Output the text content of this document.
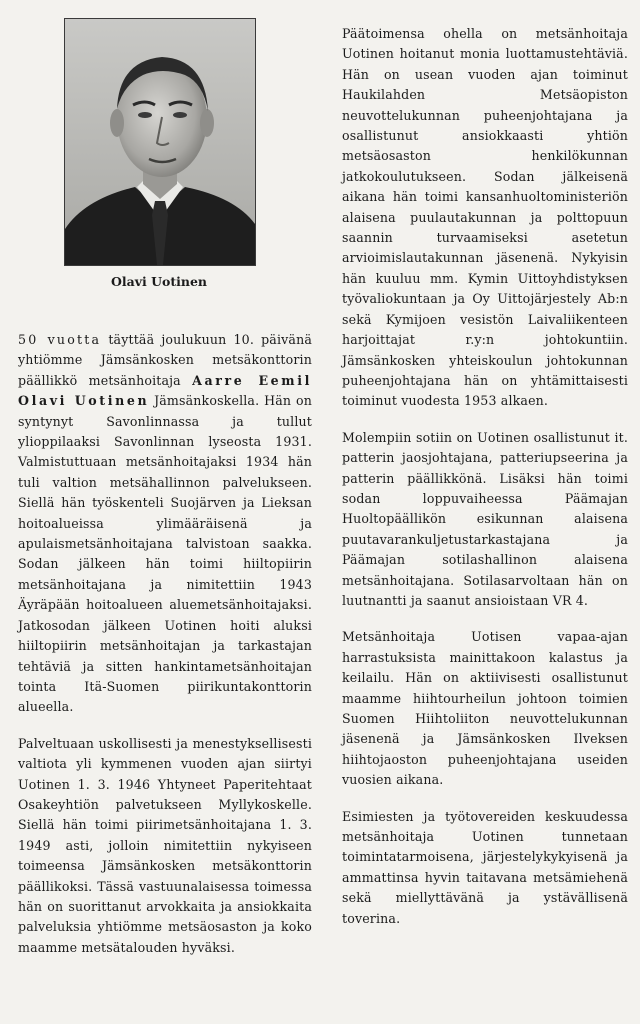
Olavi Uotinen

50 vuotta täyttää joulukuun 10. päivänä yhtiömme Jämsänkosken metsäkonttorin päällikkö metsänhoitaja Aarre Eemil Olavi Uotinen Jämsänkoskella. Hän on syntynyt Savonlinnassa ja tullut ylioppilaaksi Savonlinnan lyseosta 1931. Valmistuttuaan metsänhoitajaksi 1934 hän tuli valtion metsähallinnon palvelukseen. Siellä hän työskenteli Suojärven ja Lieksan hoitoalueissa ylimääräisenä ja apulaismetsänhoitajana talvistoan saakka. Sodan jälkeen hän toimi hiiltopiirin metsänhoitajana ja nimitettiin 1943 Äyräpään hoitoalueen aluemetsänhoitajaksi. Jatkosodan jälkeen Uotinen hoiti aluksi hiiltopiirin metsänhoitajan ja tarkastajan tehtäviä ja sitten hankintametsänhoitajan tointa Itä-Suomen piirikuntakonttorin alueella.

Palveltuaan uskollisesti ja menestyksellisesti valtiota yli kymmenen vuoden ajan siirtyi Uotinen 1. 3. 1946 Yhtyneet Paperitehtaat Osakeyhtiön palvetukseen Myllykoskelle. Siellä hän toimi piirimetsänhoitajana 1. 3. 1949 asti, jolloin nimitettiin nykyiseen toimeensa Jämsänkosken metsäkonttorin päällikoksi. Tässä vastuunalaisessa toimessa hän on suorittanut arvokkaita ja ansiokkaita palveluksia yhtiömme metsäosaston ja koko maamme metsätalouden hyväksi.

Päätoimensa ohella on metsänhoitaja Uotinen hoitanut monia luottamustehtäviä. Hän on usean vuoden ajan toiminut Haukilahden Metsäopiston neuvottelukunnan puheenjohtajana ja osallistunut ansiokkaasti yhtiön metsäosaston henkilökunnan jatkokoulutukseen. Sodan jälkeisenä aikana hän toimi kansanhuoltoministeriön alaisena puulautakunnan ja polttopuun saannin turvaamiseksi asetetun arvioimislautakunnan jäsenenä. Nykyisin hän kuuluu mm. Kymin Uittoyhdistyksen työvaliokuntaan ja Oy Uittojärjestely Ab:n sekä Kymijoen vesistön Laivaliikenteen harjoittajat r.y:n johtokuntiin. Jämsänkosken yhteiskoulun johtokunnan puheenjohtajana hän on yhtämittaisesti toiminut vuodesta 1953 alkaen.

Molempiin sotiin on Uotinen osallistunut it. patterin jaosjohtajana, patteriupseerina ja patterin päällikkönä. Lisäksi hän toimi sodan loppuvaiheessa Päämajan Huoltopäällikön esikunnan alaisena puutavarankuljetustarkastajana ja Päämajan sotilashallinon alaisena metsänhoitajana. Sotilasarvoltaan hän on luutnantti ja saanut ansioistaan VR 4.

Metsänhoitaja Uotisen vapaa-ajan harrastuksista mainittakoon kalastus ja keilailu. Hän on aktiivisesti osallistunut maamme hiihtourheilun johtoon toimien Suomen Hiihtoliiton neuvottelukunnan jäsenenä ja Jämsänkosken Ilveksen hiihtojaoston puheenjohtajana useiden vuosien aikana.

Esimiesten ja työtovereiden keskuudessa metsänhoitaja Uotinen tunnetaan toimintatarmoisena, järjestelykykyisenä ja ammattinsa hyvin taitavana metsämiehenä sekä miellyttävänä ja ystävällisenä toverina.
